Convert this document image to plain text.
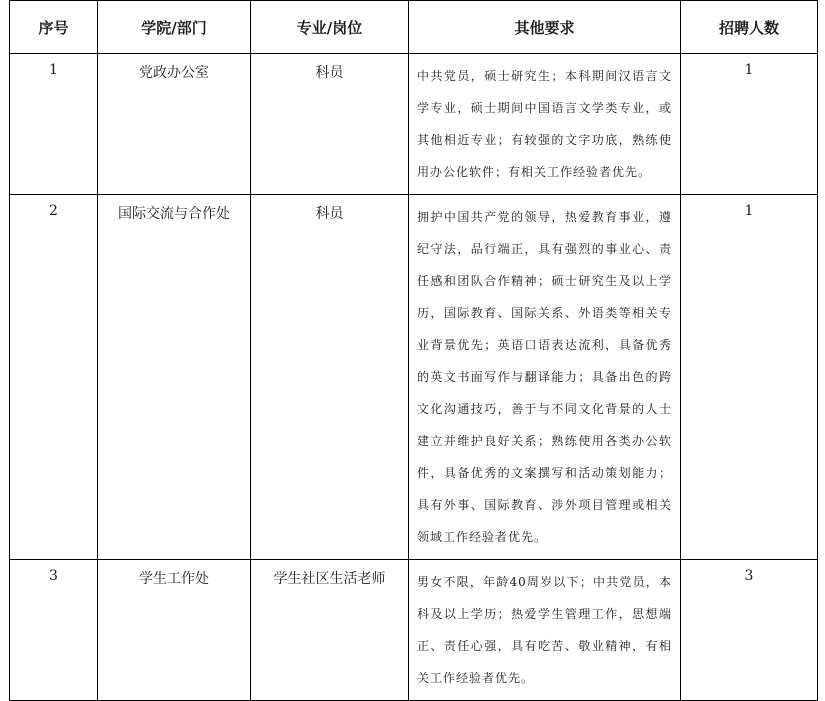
序号	学院/部门	专业/岗位	其他要求	招聘人数
1	党政办公室	科员	中共党员，硕士研究生；本科期间汉语言文学专业，硕士期间中国语言文学类专业，或其他相近专业；有较强的文字功底，熟练使用办公化软件；有相关工作经验者优先。	1
2	国际交流与合作处	科员	拥护中国共产党的领导，热爱教育事业，遵纪守法，品行端正，具有强烈的事业心、责任感和团队合作精神；硕士研究生及以上学历，国际教育、国际关系、外语类等相关专业背景优先；英语口语表达流利，具备优秀的英文书面写作与翻译能力；具备出色的跨文化沟通技巧，善于与不同文化背景的人士建立并维护良好关系；熟练使用各类办公软件，具备优秀的文案撰写和活动策划能力；具有外事、国际教育、涉外项目管理或相关领域工作经验者优先。	1
3	学生工作处	学生社区生活老师	男女不限，年龄40周岁以下；中共党员，本科及以上学历；热爱学生管理工作，思想端正、责任心强，具有吃苦、敬业精神，有相关工作经验者优先。	3
